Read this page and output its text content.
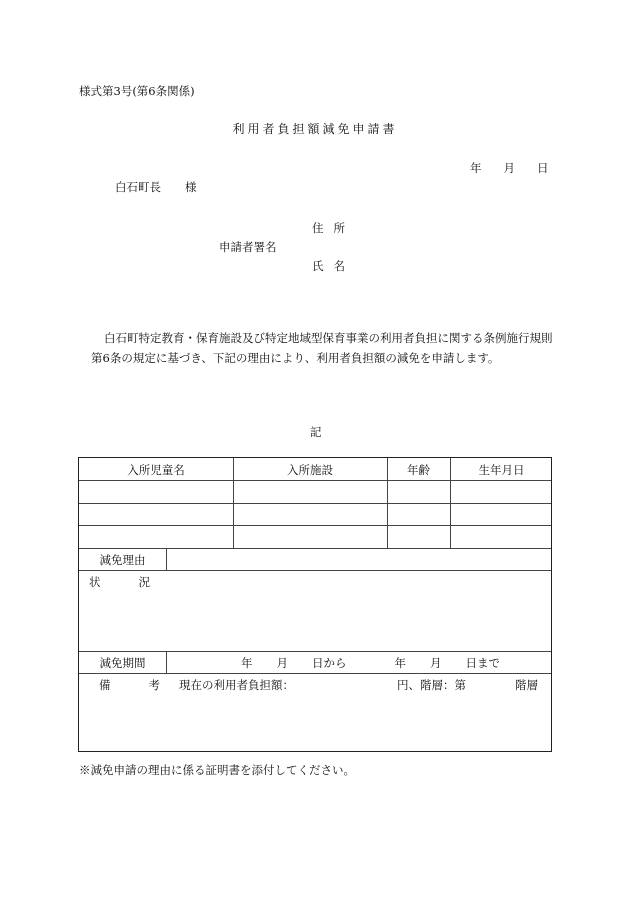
様式第3号(第6条関係)
利用者負担額減免申請書
年 月 日
白石町長 様
住所
申請者署名
氏名
白石町特定教育・保育施設及び特定地域型保育事業の利用者負担に関する条例施行規則第6条の規定に基づき、下記の理由により、利用者負担額の減免を申請します。
記
入所児童名	入所施設	年齢	生年月日
減免理由
状	況
減免期間	年 月 日から	年 月 日まで
備	考 現在の利用者負担額：	円、階層：第	階層
※減免申請の理由に係る証明書を添付してください。
